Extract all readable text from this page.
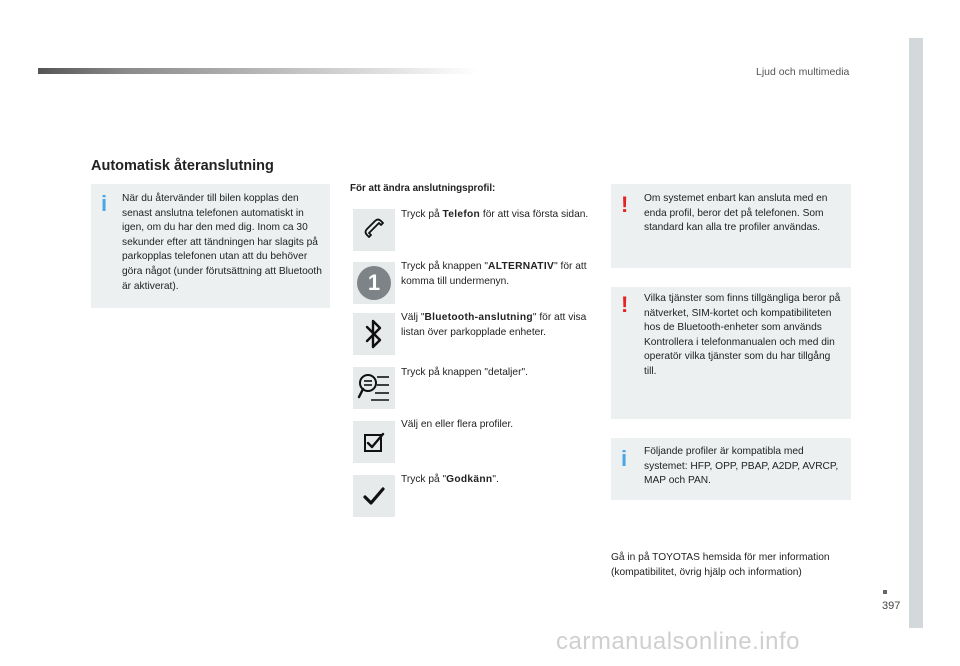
Ljud och multimedia
397
Automatisk återanslutning
i När du återvänder till bilen kopplas den senast anslutna telefonen automatiskt in igen, om du har den med dig. Inom ca 30 sekunder efter att tändningen har slagits på parkopplas telefonen utan att du behöver göra något (under förutsättning att Bluetooth är aktiverat).
För att ändra anslutningsprofil:
Tryck på Telefon för att visa första sidan.
1
Tryck på knappen "ALTERNATIV" för att komma till undermenyn.
Välj "Bluetooth-anslutning" för att visa listan över parkopplade enheter.
Tryck på knappen "detaljer".
Välj en eller flera profiler.
Tryck på "Godkänn".
! Om systemet enbart kan ansluta med en enda profil, beror det på telefonen. Som standard kan alla tre profiler användas.
! Vilka tjänster som finns tillgängliga beror på nätverket, SIM-kortet och kompatibiliteten hos de Bluetooth-enheter som används Kontrollera i telefonmanualen och med din operatör vilka tjänster som du har tillgång till.
i Följande profiler är kompatibla med systemet: HFP, OPP, PBAP, A2DP, AVRCP, MAP och PAN.
Gå in på TOYOTAS hemsida för mer information (kompatibilitet, övrig hjälp och information)
carmanualsonline.info
